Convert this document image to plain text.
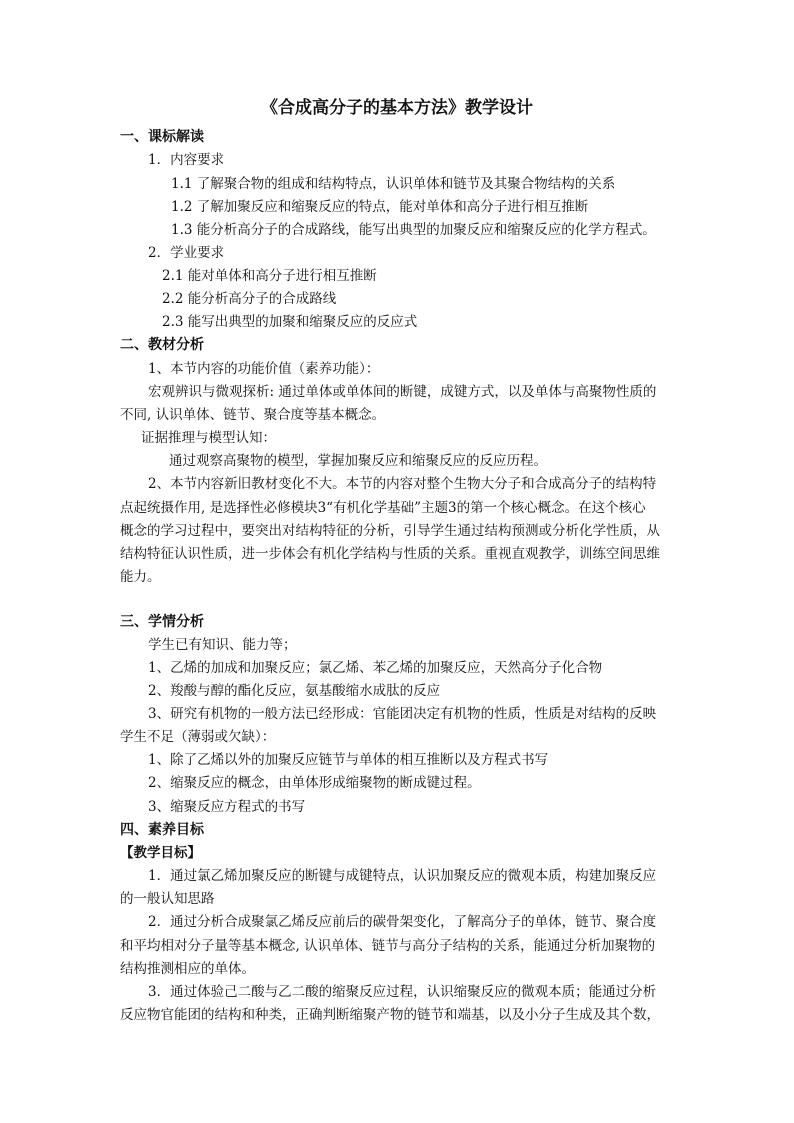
《合成高分子的基本方法》教学设计
一、课标解读
1．内容要求
1.1 了解聚合物的组成和结构特点，认识单体和链节及其聚合物结构的关系
1.2 了解加聚反应和缩聚反应的特点，能对单体和高分子进行相互推断
1.3 能分析高分子的合成路线，能写出典型的加聚反应和缩聚反应的化学方程式。
2．学业要求
2.1 能对单体和高分子进行相互推断
2.2 能分析高分子的合成路线
2.3 能写出典型的加聚和缩聚反应的反应式
二、教材分析
1、本节内容的功能价值（素养功能）：
宏观辨识与微观探析: 通过单体或单体间的断键，成键方式，以及单体与高聚物性质的
不同, 认识单体、链节、聚合度等基本概念。
证据推理与模型认知：
通过观察高聚物的模型，掌握加聚反应和缩聚反应的反应历程。
2、本节内容新旧教材变化不大。本节的内容对整个生物大分子和合成高分子的结构特
点起统摄作用, 是选择性必修模块3“有机化学基础”主题3的第一个核心概念。在这个核心
概念的学习过程中，要突出对结构特征的分析，引导学生通过结构预测或分析化学性质，从
结构特征认识性质，进一步体会有机化学结构与性质的关系。重视直观教学，训练空间思维
能力。
三、学情分析
学生已有知识、能力等；
1、乙烯的加成和加聚反应；氯乙烯、苯乙烯的加聚反应，天然高分子化合物
2、羧酸与醇的酯化反应，氨基酸缩水成肽的反应
3、研究有机物的一般方法已经形成：官能团决定有机物的性质，性质是对结构的反映
学生不足（薄弱或欠缺）：
1、除了乙烯以外的加聚反应链节与单体的相互推断以及方程式书写
2、缩聚反应的概念，由单体形成缩聚物的断成键过程。
3、缩聚反应方程式的书写
四、素养目标
【教学目标】
1．通过氯乙烯加聚反应的断键与成键特点，认识加聚反应的微观本质，构建加聚反应
的一般认知思路
2．通过分析合成聚氯乙烯反应前后的碳骨架变化，了解高分子的单体，链节、聚合度
和平均相对分子量等基本概念, 认识单体、链节与高分子结构的关系，能通过分析加聚物的
结构推测相应的单体。
3．通过体验己二酸与乙二酸的缩聚反应过程，认识缩聚反应的微观本质；能通过分析
反应物官能团的结构和种类，正确判断缩聚产物的链节和端基，以及小分子生成及其个数，
